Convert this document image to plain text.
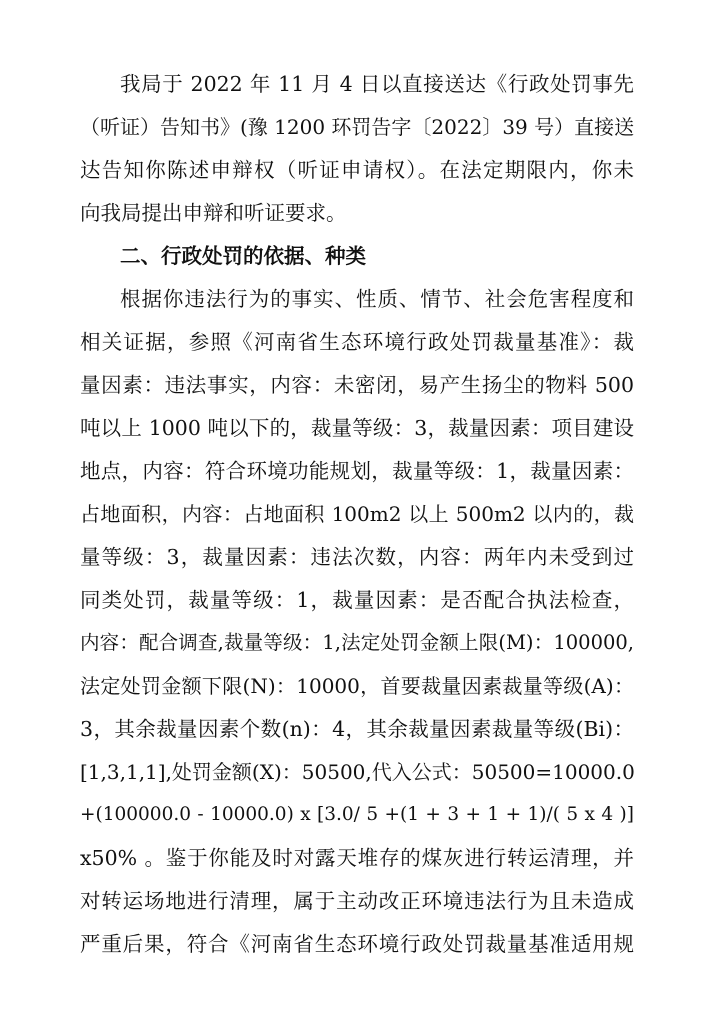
我局于 2022 年 11 月 4 日以直接送达《行政处罚事先
（听证）告知书》(豫 1200 环罚告字〔2022〕39 号）直接送
达告知你陈述申辩权（听证申请权）。在法定期限内，你未
向我局提出申辩和听证要求。
二、行政处罚的依据、种类
根据你违法行为的事实、性质、情节、社会危害程度和
相关证据，参照《河南省生态环境行政处罚裁量基准》：裁
量因素：违法事实，内容：未密闭，易产生扬尘的物料 500
吨以上 1000 吨以下的，裁量等级：3，裁量因素：项目建设
地点，内容：符合环境功能规划，裁量等级：1，裁量因素：
占地面积，内容：占地面积 100m2 以上 500m2 以内的，裁
量等级：3，裁量因素：违法次数，内容：两年内未受到过
同类处罚，裁量等级：1，裁量因素：是否配合执法检查，
内容：配合调查,裁量等级：1,法定处罚金额上限(M)：100000,
法定处罚金额下限(N)：10000，首要裁量因素裁量等级(A)：
3，其余裁量因素个数(n)：4，其余裁量因素裁量等级(Bi)：
[1,3,1,1],处罚金额(X)：50500,代入公式：50500=10000.0
+(100000.0 - 10000.0) x [3.0/ 5 +(1 + 3 + 1 + 1)/( 5 x 4 )]
x50% 。鉴于你能及时对露天堆存的煤灰进行转运清理，并
对转运场地进行清理，属于主动改正环境违法行为且未造成
严重后果，符合《河南省生态环境行政处罚裁量基准适用规
